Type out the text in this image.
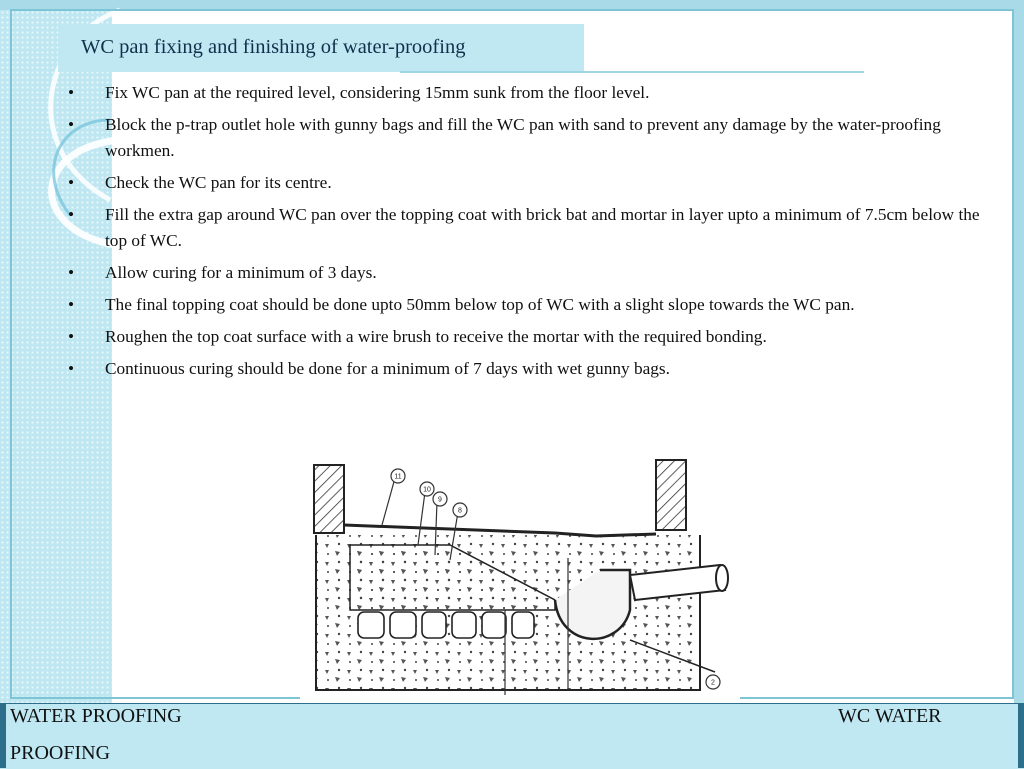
WC pan fixing and finishing of water-proofing
• Fix WC pan at the required level, considering 15mm sunk from the floor level.
• Block the p-trap outlet hole with gunny bags and fill the WC pan with sand to prevent any damage by the water-proofing workmen.
• Check the WC pan for its centre.
• Fill the extra gap around WC pan over the topping coat with brick bat and mortar in layer upto a minimum of 7.5cm below the top of WC.
• Allow curing for a minimum of 3 days.
• The final topping coat should be done upto 50mm below top of WC with a slight slope towards the WC pan.
• Roughen the top coat surface with a wire brush to receive the mortar with the required bonding.
• Continuous curing should be done for a minimum of 7 days with wet gunny bags.
11
10
9
8
2
WATER PROOFING
PROOFING
WC WATER
